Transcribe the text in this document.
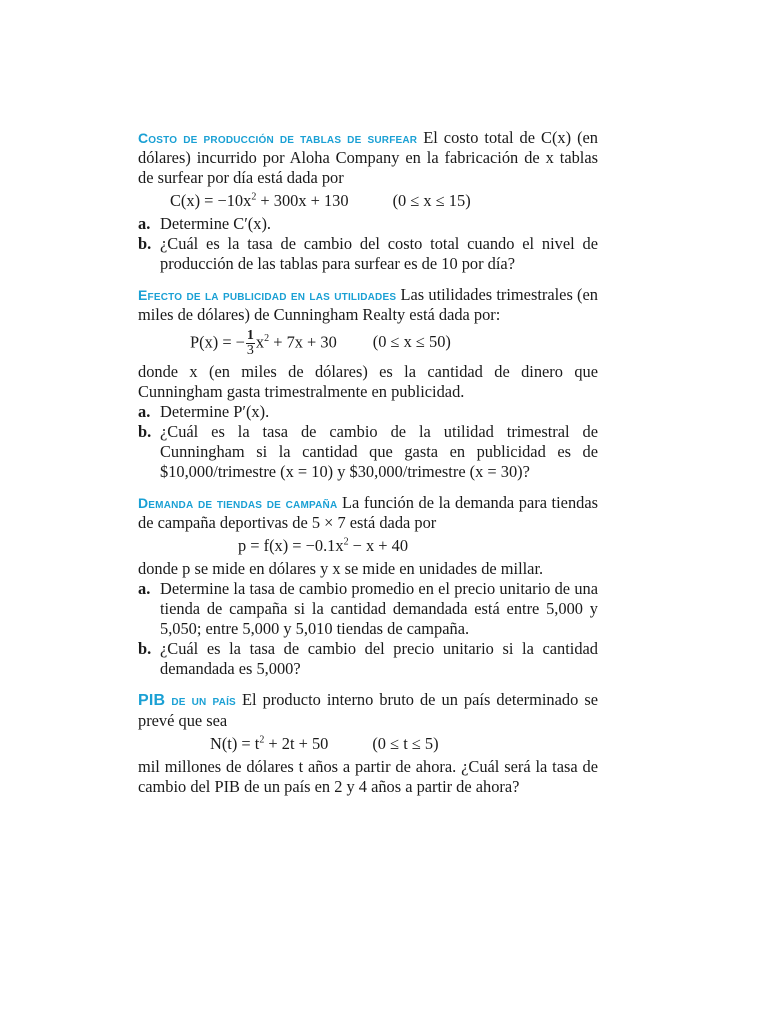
Costo de producción de tablas de surfear El costo total de C(x) (en dólares) incurrido por Aloha Company en la fabricación de x tablas de surfear por día está dada por

$C(x) = -10x^2 + 300x + 130$	(0 ≤ x ≤ 15)
a. Determine C′(x).
b. ¿Cuál es la tasa de cambio del costo total cuando el nivel de producción de las tablas para surfear es de 10 por día?

Efecto de la publicidad en las utilidades Las utilidades trimestrales (en miles de dólares) de Cunningham Realty está dada por:

P(x) = − $\frac{1}{3} x^2 + 7x + 30$ (0 ≤ x ≤ 50)

donde x (en miles de dólares) es la cantidad de dinero que Cunningham gasta trimestralmente en publicidad.

a. Determine P′(x).
b. ¿Cuál es la tasa de cambio de la utilidad trimestral de Cunningham si la cantidad que gasta en publicidad es de $10,000/trimestre (x = 10) y $30,000/trimestre (x = 30)?

Demanda de tiendas de campaña La función de la demanda para tiendas de campaña deportivas de 5 × 7 está dada por

$p = f(x) = -0.1x^2 - x + 40$

donde p se mide en dólares y x se mide en unidades de millar.

a. Determine la tasa de cambio promedio en el precio unitario de una tienda de campaña si la cantidad demandada está entre 5,000 y 5,050; entre 5,000 y 5,010 tiendas de campaña.
b. ¿Cuál es la tasa de cambio del precio unitario si la cantidad demandada es 5,000?

PIB de un país El producto interno bruto de un país determinado se prevé que sea

$N(t) = t^2 + 2t + 50$	(0 ≤ t ≤ 5)

mil millones de dólares t años a partir de ahora. ¿Cuál será la tasa de cambio del PIB de un país en 2 y 4 años a partir de ahora?
